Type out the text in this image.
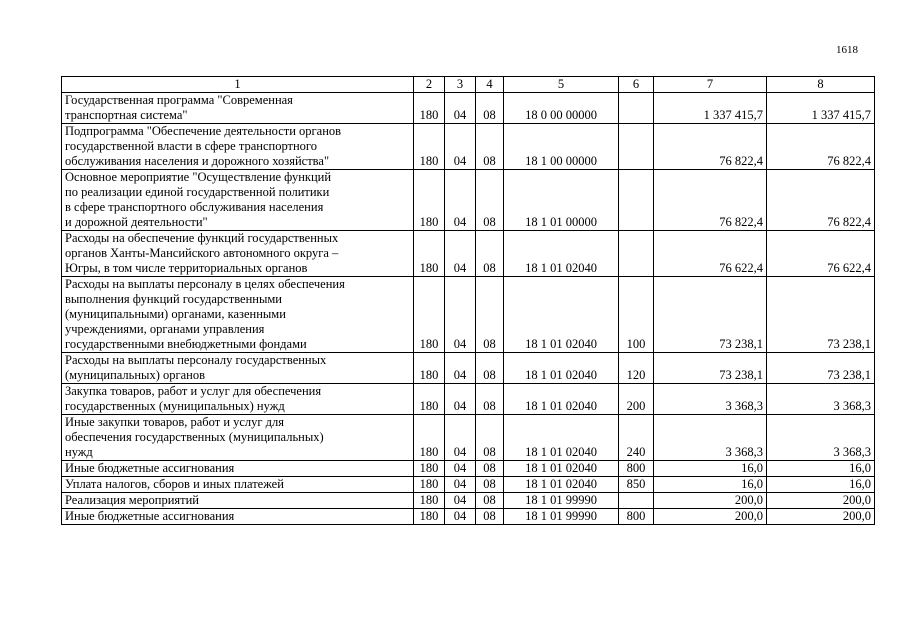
1618
1	2	3	4	5	6	7	8

Государственная программа "Современная
транспортная система"	180	04	08	18 0 00 00000		1 337 415,7	1 337 415,7

Подпрограмма "Обеспечение деятельности органов
государственной власти в сфере транспортного
обслуживания населения и дорожного хозяйства"	180	04	08	18 1 00 00000		76 822,4	76 822,4

Основное мероприятие "Осуществление функций
по реализации единой государственной политики
в сфере транспортного обслуживания населения
и дорожной деятельности"	180	04	08	18 1 01 00000		76 822,4	76 822,4

Расходы на обеспечение функций государственных
органов Ханты-Мансийского автономного округа –
Югры, в том числе территориальных органов	180	04	08	18 1 01 02040		76 622,4	76 622,4

Расходы на выплаты персоналу в целях обеспечения
выполнения функций государственными
(муниципальными) органами, казенными
учреждениями, органами управления
государственными внебюджетными фондами	180	04	08	18 1 01 02040	100	73 238,1	73 238,1

Расходы на выплаты персоналу государственных
(муниципальных) органов	180	04	08	18 1 01 02040	120	73 238,1	73 238,1

Закупка товаров, работ и услуг для обеспечения
государственных (муниципальных) нужд	180	04	08	18 1 01 02040	200	3 368,3	3 368,3

Иные закупки товаров, работ и услуг для
обеспечения государственных (муниципальных)
нужд	180	04	08	18 1 01 02040	240	3 368,3	3 368,3

Иные бюджетные ассигнования	180	04	08	18 1 01 02040	800	16,0	16,0

Уплата налогов, сборов и иных платежей	180	04	08	18 1 01 02040	850	16,0	16,0

Реализация мероприятий	180	04	08	18 1 01 99990		200,0	200,0

Иные бюджетные ассигнования	180	04	08	18 1 01 99990	800	200,0	200,0
